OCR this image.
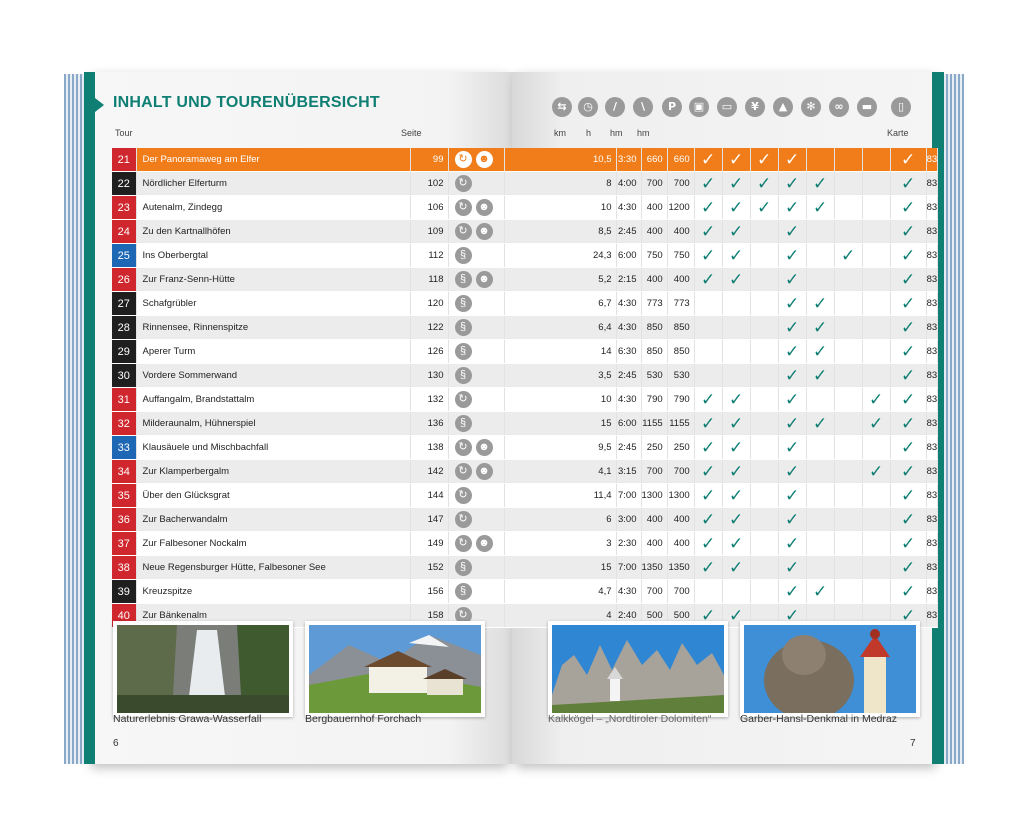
INHALT UND TOURENÜBERSICHT
Tour	Seite	km h hm hm	Karte
21	Der Panoramaweg am Elfer	99	↻ ☻		10,5	3:30	660	660	✓	✓	✓	✓				✓	83
22	Nördlicher Elferturm	102	↻		8	4:00	700	700	✓	✓	✓	✓	✓			✓	83
23	Autenalm, Zindegg	106	↻ ☻		10	4:30	400	1200	✓	✓	✓	✓	✓			✓	83
24	Zu den Kartnallhöfen	109	↻ ☻		8,5	2:45	400	400	✓	✓		✓				✓	83
25	Ins Oberbergtal	112	§		24,3	6:00	750	750	✓	✓		✓		✓		✓	83
26	Zur Franz-Senn-Hütte	118	§ ☻		5,2	2:15	400	400	✓	✓		✓				✓	83
27	Schafgrübler	120	§		6,7	4:30	773	773				✓	✓			✓	83
28	Rinnensee, Rinnenspitze	122	§		6,4	4:30	850	850				✓	✓			✓	83
29	Aperer Turm	126	§		14	6:30	850	850				✓	✓			✓	83
30	Vordere Sommerwand	130	§		3,5	2:45	530	530				✓	✓			✓	83
31	Auffangalm, Brandstattalm	132	↻		10	4:30	790	790	✓	✓		✓			✓	✓	83
32	Milderaunalm, Hühnerspiel	136	§		15	6:00	1155	1155	✓	✓		✓	✓		✓	✓	83
33	Klausäuele und Mischbachfall	138	↻ ☻		9,5	2:45	250	250	✓	✓		✓				✓	83
34	Zur Klamperbergalm	142	↻ ☻		4,1	3:15	700	700	✓	✓		✓			✓	✓	83
35	Über den Glücksgrat	144	↻		11,4	7:00	1300	1300	✓	✓		✓				✓	83
36	Zur Bacherwandalm	147	↻		6	3:00	400	400	✓	✓		✓				✓	83
37	Zur Falbesoner Nockalm	149	↻ ☻		3	2:30	400	400	✓	✓		✓				✓	83
38	Neue Regensburger Hütte, Falbesoner See	152	§		15	7:00	1350	1350	✓	✓		✓				✓	83
39	Kreuzspitze	156	§		4,7	4:30	700	700				✓	✓			✓	83
40	Zur Bänkenalm	158	↻		4	2:40	500	500	✓	✓		✓				✓	83
Naturerlebnis Grawa-Wasserfall	Bergbauernhof Forchach	Kalkkögel – „Nordtiroler Dolomiten“	Garber-Hansl-Denkmal in Medraz
6	7
⇆	◷	/	\	P	▣	▭	¥	▲	✻	∞	▬	▯
